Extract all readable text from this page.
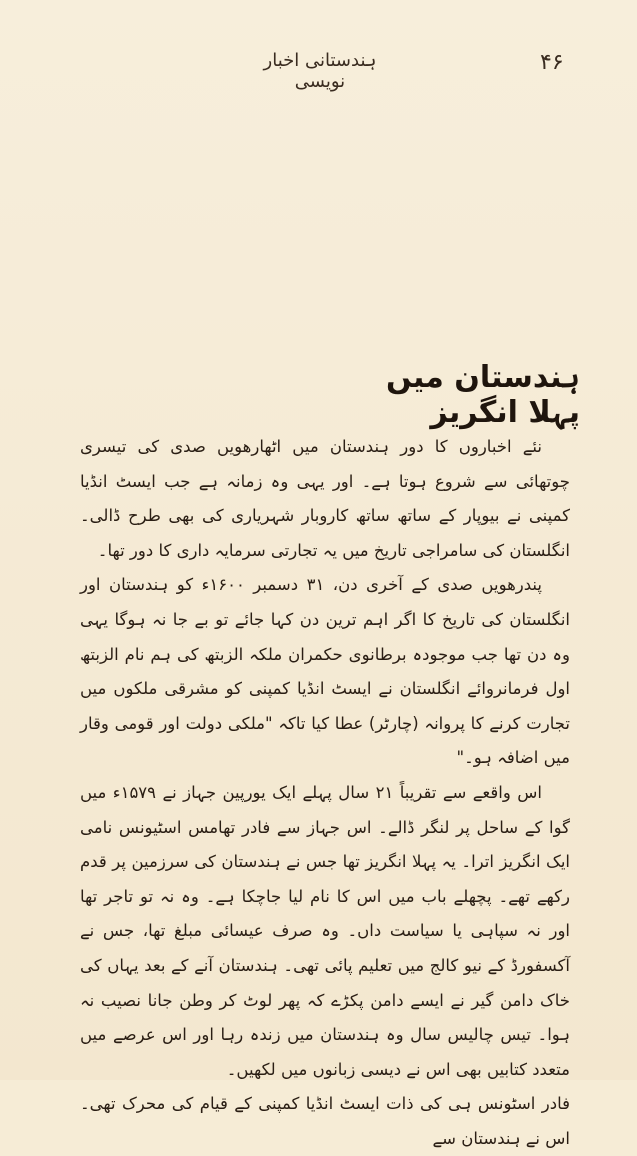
۴۶
ہندستانی اخبار نویسی
ہندستان میں پہلا انگریز

نئے اخباروں کا دور ہندستان میں اٹھارھویں صدی کی تیسری چوتھائی سے شروع ہوتا ہے۔ اور یہی وہ زمانہ ہے جب ایسٹ انڈیا کمپنی نے بیوپار کے ساتھ ساتھ کاروبار شہریاری کی بھی طرح ڈالی۔ انگلستان کی سامراجی تاریخ میں یہ تجارتی سرمایہ داری کا دور تھا۔

پندرھویں صدی کے آخری دن، ۳۱ دسمبر ۱۶۰۰ء کو ہندستان اور انگلستان کی تاریخ کا اگر اہم ترین دن کہا جائے تو بے جا نہ ہوگا یہی وہ دن تھا جب موجودہ برطانوی حکمران ملکہ الزبتھ کی ہم نام الزبتھ اول فرمانروائے انگلستان نے ایسٹ انڈیا کمپنی کو مشرقی ملکوں میں تجارت کرنے کا پروانہ (چارٹر) عطا کیا تاکہ "ملکی دولت اور قومی وقار میں اضافہ ہو۔"

اس واقعے سے تقریباً ۲۱ سال پہلے ایک یورپین جہاز نے ۱۵۷۹ء میں گوا کے ساحل پر لنگر ڈالے۔ اس جہاز سے فادر تھامس اسٹیونس نامی ایک انگریز اترا۔ یہ پہلا انگریز تھا جس نے ہندستان کی سرزمین پر قدم رکھے تھے۔ پچھلے باب میں اس کا نام لیا جاچکا ہے۔ وہ نہ تو تاجر تھا اور نہ سپاہی یا سیاست داں۔ وہ صرف عیسائی مبلغ تھا، جس نے آکسفورڈ کے نیو کالج میں تعلیم پائی تھی۔ ہندستان آنے کے بعد یہاں کی خاک دامن گیر نے ایسے دامن پکڑے کہ پھر لوٹ کر وطن جانا نصیب نہ ہوا۔ تیس چالیس سال وہ ہندستان میں زندہ رہا اور اس عرصے میں متعدد کتابیں بھی اس نے دیسی زبانوں میں لکھیں۔

فادر اسٹونس ہی کی ذات ایسٹ انڈیا کمپنی کے قیام کی محرک تھی۔ اس نے ہندستان سے
